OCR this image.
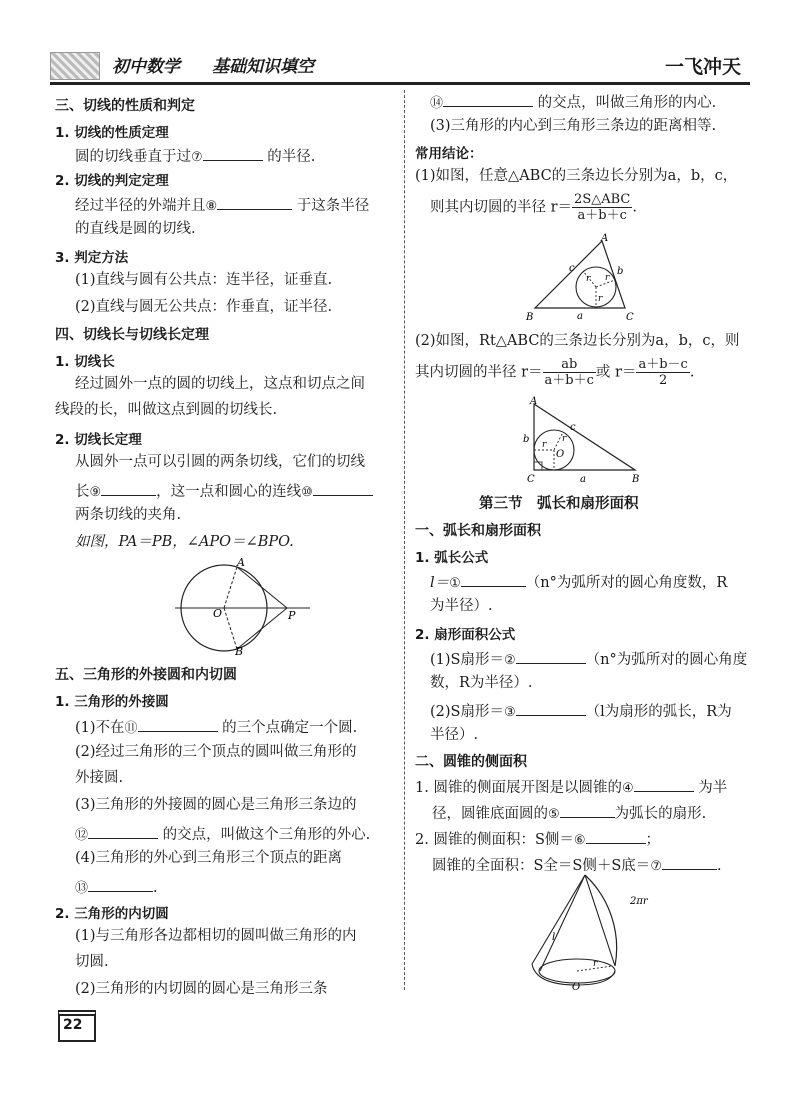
初中数学 基础知识填空	一飞冲天
三、切线的性质和判定
1. 切线的性质定理
圆的切线垂直于过⑦	的半径.
2. 切线的判定定理
经过半径的外端并且⑧	于这条半径
的直线是圆的切线.
3. 判定方法
(1)直线与圆有公共点：连半径，证垂直.
(2)直线与圆无公共点：作垂直，证半径.
四、切线长与切线长定理
1. 切线长
经过圆外一点的圆的切线上，这点和切点之间
线段的长，叫做这点到圆的切线长.
2. 切线长定理
从圆外一点可以引圆的两条切线，它们的切线
长⑨	，这一点和圆心的连线⑩
两条切线的夹角.
如图，PA＝PB，∠APO＝∠BPO.
A
B
O	P
五、三角形的外接圆和内切圆
1. 三角形的外接圆
(1)不在⑪	的三个点确定一个圆.
(2)经过三角形的三个顶点的圆叫做三角形的
外接圆.
(3)三角形的外接圆的圆心是三角形三条边的
⑫	的交点，叫做这个三角形的外心.
(4)三角形的外心到三角形三个顶点的距离
⑬	.
2. 三角形的内切圆
(1)与三角形各边都相切的圆叫做三角形的内
切圆.
(2)三角形的内切圆的圆心是三角形三条
22
⑭	的交点，叫做三角形的内心.
(3)三角形的内心到三角形三条边的距离相等.
常用结论：
(1)如图，任意△ABC的三条边长分别为a，b，c，
则其内切圆的半径 $r= \frac{\text{2S△ABC}}{a+b+c}$ .
A
B	C
a
b
c
r
r r
(2)如图，Rt△ABC的三条边长分别为a，b，c，则
其内切圆的半径 $r= \frac{ab}{a+b+c}$ 或 $r= \frac{a+b-c}{2}$ .
A
C	B
O
a
b
c
r
r
第三节　弧长和扇形面积
一、弧长和扇形面积
1. 弧长公式
l＝①	（n°为弧所对的圆心角度数，R
为半径）.
2. 扇形面积公式
(1)S扇形＝②	（n°为弧所对的圆心角度
数，R为半径）.
(2)S扇形＝③	（l为扇形的弧长，R为
半径）.
二、圆锥的侧面积
1. 圆锥的侧面展开图是以圆锥的④	为半
径，圆锥底面圆的⑤	为弧长的扇形.
2. 圆锥的侧面积：S侧＝⑥	；
圆锥的全面积：S全＝S侧＋S底＝⑦	.
2πr
l
r
O
